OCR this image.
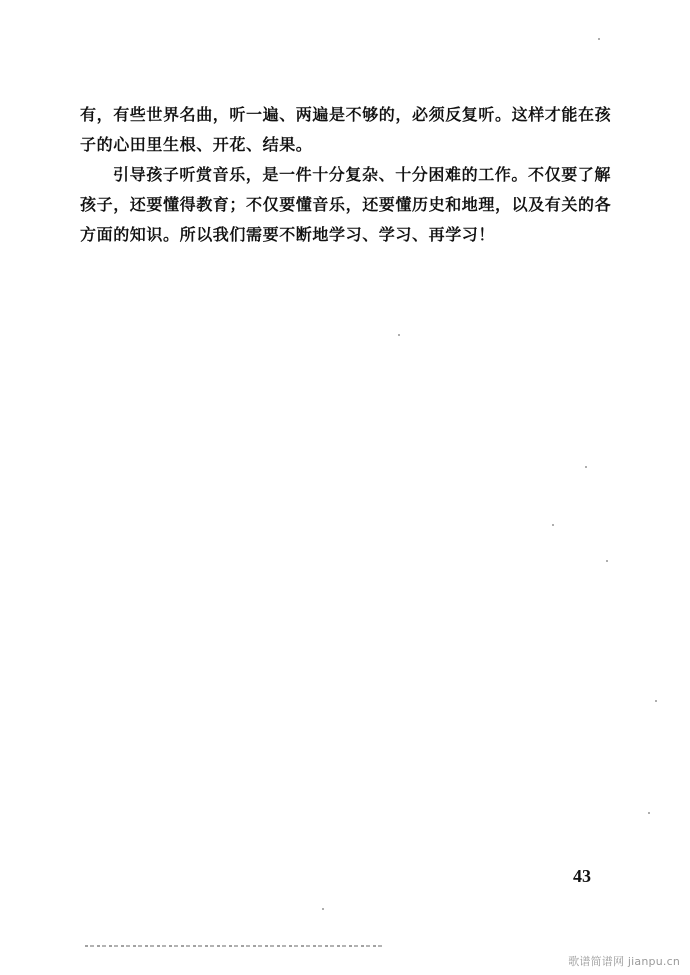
有，有些世界名曲，听一遍、两遍是不够的，必须反复听。这样才能在孩子的心田里生根、开花、结果。

引导孩子听赏音乐，是一件十分复杂、十分困难的工作。不仅要了解孩子，还要懂得教育；不仅要懂音乐，还要懂历史和地理，以及有关的各方面的知识。所以我们需要不断地学习、学习、再学习！

43
歌谱简谱网 jianpu.cn
